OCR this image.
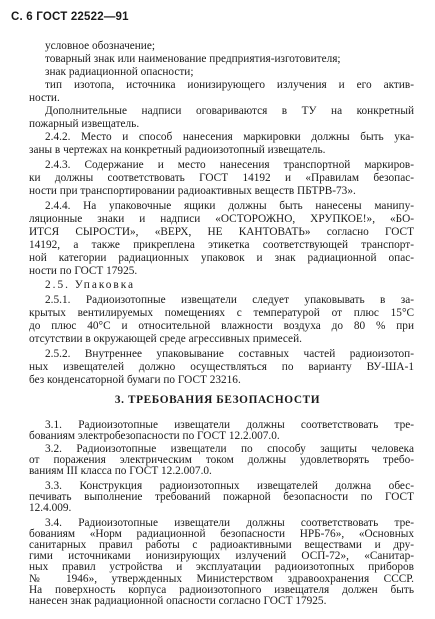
С. 6 ГОСТ 22522—91
условное обозначение;
товарный знак или наименование предприятия-изготовителя;
знак радиационной опасности;
тип изотопа, источника ионизирующего излучения и его актив-
ности.
Дополнительные надписи оговариваются в ТУ на конкретный
пожарный извещатель.
2.4.2. Место и способ нанесения маркировки должны быть ука-
заны в чертежах на конкретный радиоизотопный извещатель.
2.4.3. Содержание и место нанесения транспортной маркиров-
ки должны соответствовать ГОСТ 14192 и «Правилам безопас-
ности при транспортировании радиоактивных веществ ПБТРВ-73».
2.4.4. На упаковочные ящики должны быть нанесены манипу-
ляционные знаки и надписи «ОСТОРОЖНО, ХРУПКОЕ!», «БО-
ИТСЯ СЫРОСТИ», «ВЕРХ, НЕ КАНТОВАТЬ» согласно ГОСТ
14192, а также прикреплена этикетка соответствующей транспорт-
ной категории радиационных упаковок и знак радиационной опас-
ности по ГОСТ 17925.
2.5. Упаковка
2.5.1. Радиоизотопные извещатели следует упаковывать в за-
крытых вентилируемых помещениях с температурой от плюс 15°С
до плюс 40°С и относительной влажности воздуха до 80 % при
отсутствии в окружающей среде агрессивных примесей.
2.5.2. Внутреннее упаковывание составных частей радиоизотоп-
ных извещателей должно осуществляться по варианту ВУ-ША-1
без конденсаторной бумаги по ГОСТ 23216.
3.1. Радиоизотопные извещатели должны соответствовать тре-
бованиям электробезопасности по ГОСТ 12.2.007.0.
3.2. Радиоизотопные извещатели по способу защиты человека
от поражения электрическим током должны удовлетворять требо-
ваниям III класса по ГОСТ 12.2.007.0.
3.3. Конструкция радиоизотопных извещателей должна обес-
печивать выполнение требований пожарной безопасности по ГОСТ
12.4.009.
3.4. Радиоизотопные извещатели должны соответствовать тре-
бованиям «Норм радиационной безопасности НРБ-76», «Основных
санитарных правил работы с радиоактивными веществами и дру-
гими источниками ионизирующих излучений ОСП-72», «Санитар-
ных правил устройства и эксплуатации радиоизотопных приборов
№ 1946», утвержденных Министерством здравоохранения СССР.
На поверхность корпуса радиоизотопного извещателя должен быть
нанесен знак радиационной опасности согласно ГОСТ 17925.
3. ТРЕБОВАНИЯ БЕЗОПАСНОСТИ
